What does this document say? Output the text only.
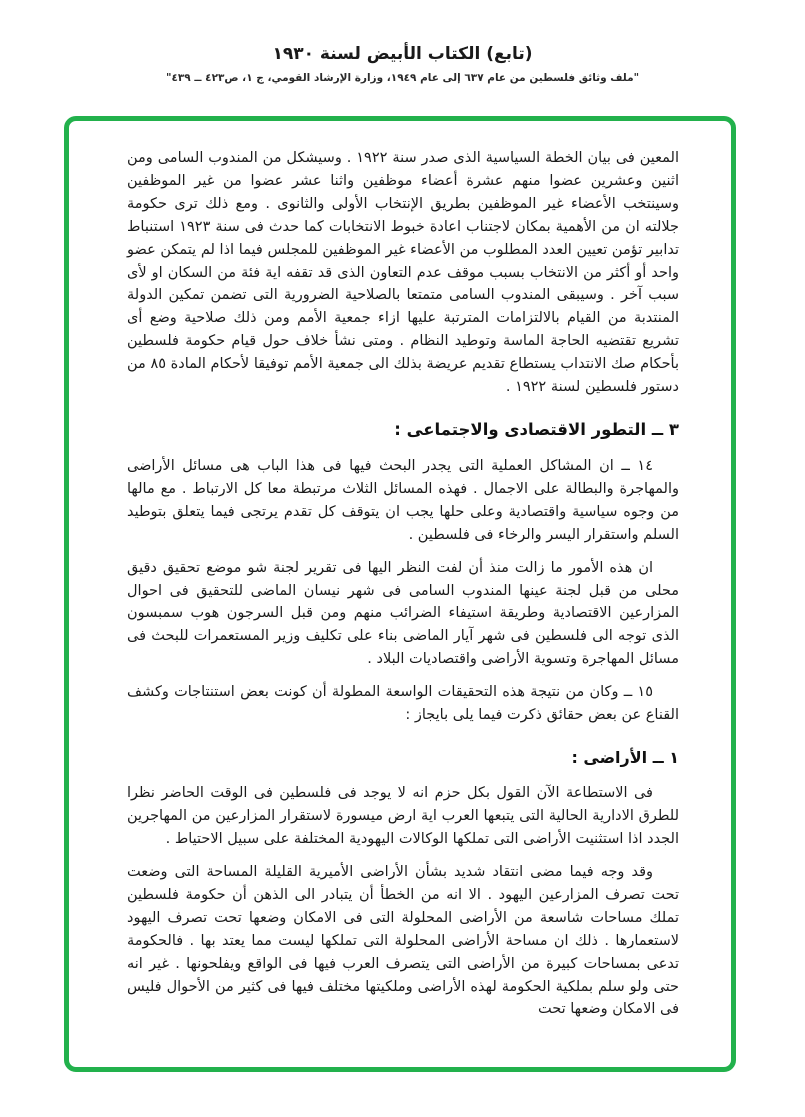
(تابع) الكتاب الأبيض لسنة ١٩٣٠
"ملف وثائق فلسطين من عام ٦٣٧ إلى عام ١٩٤٩، وزارة الإرشاد القومي، ج ١، ص٤٢٣ ــ ٤٣٩"

المعين فى بيان الخطة السياسية الذى صدر سنة ١٩٢٢ . وسيشكل من المندوب السامى ومن اثنين وعشرين عضوا منهم عشرة أعضاء موظفين واثنا عشر عضوا من غير الموظفين وسينتخب الأعضاء غير الموظفين بطريق الإنتخاب الأولى والثانوى . ومع ذلك ترى حكومة جلالته ان من الأهمية بمكان لاجتناب اعادة خبوط الانتخابات كما حدث فى سنة ١٩٢٣ استنباط تدابير تؤمن تعيين العدد المطلوب من الأعضاء غير الموظفين للمجلس فيما اذا لم يتمكن عضو واحد أو أكثر من الانتخاب بسبب موقف عدم التعاون الذى قد تقفه اية فئة من السكان او لأى سبب آخر . وسيبقى المندوب السامى متمتعا بالصلاحية الضرورية التى تضمن تمكين الدولة المنتدبة من القيام بالالتزامات المترتبة عليها ازاء جمعية الأمم ومن ذلك صلاحية وضع أى تشريع تقتضيه الحاجة الماسة وتوطيد النظام . ومتى نشأ خلاف حول قيام حكومة فلسطين بأحكام صك الانتداب يستطاع تقديم عريضة بذلك الى جمعية الأمم توفيقا لأحكام المادة ٨٥ من دستور فلسطين لسنة ١٩٢٢ .

٣ ــ التطور الاقتصادى والاجتماعى :

١٤ ــ ان المشاكل العملية التى يجدر البحث فيها فى هذا الباب هى مسائل الأراضى والمهاجرة والبطالة على الاجمال . فهذه المسائل الثلاث مرتبطة معا كل الارتباط . مع مالها من وجوه سياسية واقتصادية وعلى حلها يجب ان يتوقف كل تقدم يرتجى فيما يتعلق بتوطيد السلم واستقرار اليسر والرخاء فى فلسطين .

ان هذه الأمور ما زالت منذ أن لفت النظر اليها فى تقرير لجنة شو موضع تحقيق دقيق محلى من قبل لجنة عينها المندوب السامى فى شهر نيسان الماضى للتحقيق فى احوال المزارعين الاقتصادية وطريقة استيفاء الضرائب منهم ومن قبل السرجون هوب سمبسون الذى توجه الى فلسطين فى شهر آيار الماضى بناء على تكليف وزير المستعمرات للبحث فى مسائل المهاجرة وتسوية الأراضى واقتصاديات البلاد .

١٥ ــ وكان من نتيجة هذه التحقيقات الواسعة المطولة أن كونت بعض استنتاجات وكشف القناع عن بعض حقائق ذكرت فيما يلى بايجاز :

١ ــ الأراضى :

فى الاستطاعة الآن القول بكل حزم انه لا يوجد فى فلسطين فى الوقت الحاضر نظرا للطرق الادارية الحالية التى يتبعها العرب اية ارض ميسورة لاستقرار المزارعين من المهاجرين الجدد اذا استثنيت الأراضى التى تملكها الوكالات اليهودية المختلفة على سبيل الاحتياط .

وقد وجه فيما مضى انتقاد شديد بشأن الأراضى الأميرية القليلة المساحة التى وضعت تحت تصرف المزارعين اليهود . الا انه من الخطأ أن يتبادر الى الذهن أن حكومة فلسطين تملك مساحات شاسعة من الأراضى المحلولة التى فى الامكان وضعها تحت تصرف اليهود لاستعمارها . ذلك ان مساحة الأراضى المحلولة التى تملكها ليست مما يعتد بها . فالحكومة تدعى بمساحات كبيرة من الأراضى التى يتصرف العرب فيها فى الواقع ويفلحونها . غير انه حتى ولو سلم بملكية الحكومة لهذه الأراضى وملكيتها مختلف فيها فى كثير من الأحوال فليس فى الامكان وضعها تحت
